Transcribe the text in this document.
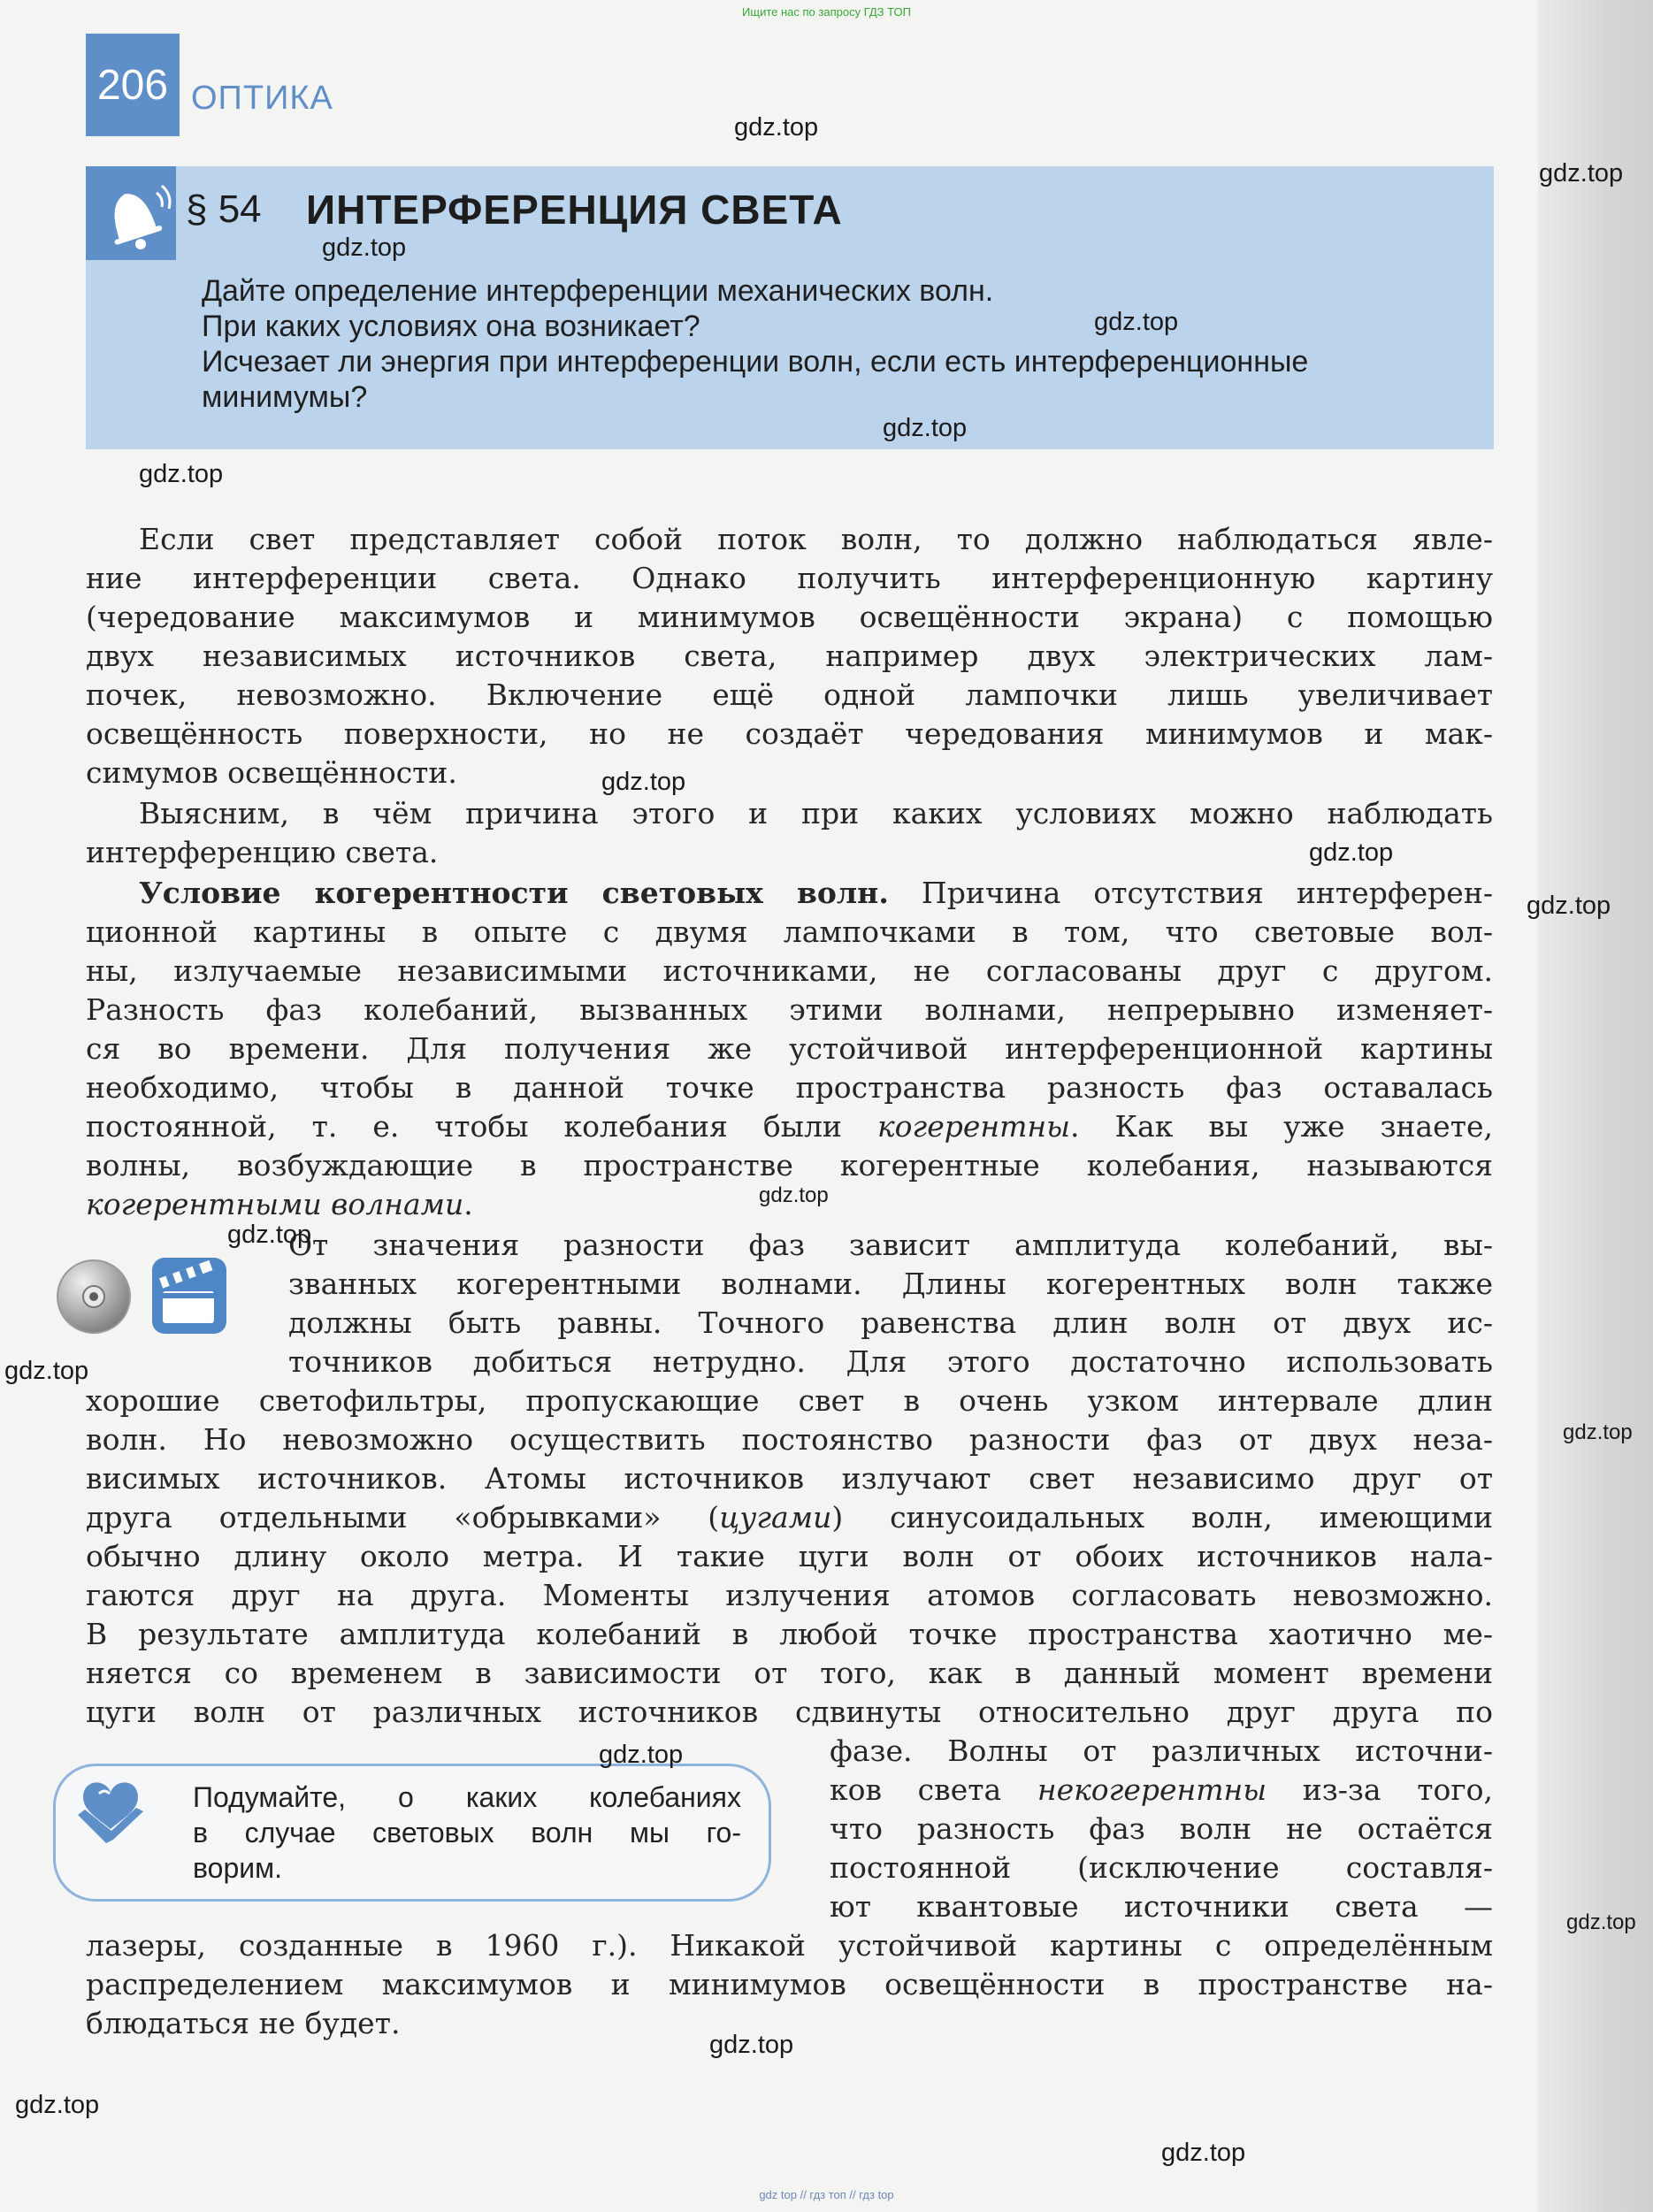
Ищите нас по запросу ГДЗ ТОП
206 ОПТИКА
§ 54 ИНТЕРФЕРЕНЦИЯ СВЕТА
Дайте определение интерференции механических волн.
При каких условиях она возникает?
Исчезает ли энергия при интерференции волн, если есть интерференционные
минимумы?
Если свет представляет собой поток волн, то должно наблюдаться явле-
ние интерференции света. Однако получить интерференционную картину
(чередование максимумов и минимумов освещённости экрана) с помощью
двух независимых источников света, например двух электрических лам-
почек, невозможно. Включение ещё одной лампочки лишь увеличивает
освещённость поверхности, но не создаёт чередования минимумов и мак-
симумов освещённости.
Выясним, в чём причина этого и при каких условиях можно наблюдать
интерференцию света.
Условие когерентности световых волн. Причина отсутствия интерферен-
ционной картины в опыте с двумя лампочками в том, что световые вол-
ны, излучаемые независимыми источниками, не согласованы друг с другом.
Разность фаз колебаний, вызванных этими волнами, непрерывно изменяет-
ся во времени. Для получения же устойчивой интерференционной картины
необходимо, чтобы в данной точке пространства разность фаз оставалась
постоянной, т. е. чтобы колебания были когерентны. Как вы уже знаете,
волны, возбуждающие в пространстве когерентные колебания, называются
когерентными волнами.
От значения разности фаз зависит амплитуда колебаний, вы-
званных когерентными волнами. Длины когерентных волн также
должны быть равны. Точного равенства длин волн от двух ис-
точников добиться нетрудно. Для этого достаточно использовать
хорошие светофильтры, пропускающие свет в очень узком интервале длин
волн. Но невозможно осуществить постоянство разности фаз от двух неза-
висимых источников. Атомы источников излучают свет независимо друг от
друга отдельными «обрывками» (цугами) синусоидальных волн, имеющими
обычно длину около метра. И такие цуги волн от обоих источников нала-
гаются друг на друга. Моменты излучения атомов согласовать невозможно.
В результате амплитуда колебаний в любой точке пространства хаотично ме-
няется со временем в зависимости от того, как в данный момент времени
цуги волн от различных источников сдвинуты относительно друг друга по
Подумайте, о каких колебаниях
в случае световых волн мы го-
ворим.
фазе. Волны от различных источни-
ков света некогерентны из-за того,
что разность фаз волн не остаётся
постоянной (исключение составля-
ют квантовые источники света —
лазеры, созданные в 1960 г.). Никакой устойчивой картины с определённым
распределением максимумов и минимумов освещённости в пространстве на-
блюдаться не будет.
gdz.top
gdz.top
gdz.top
gdz.top
gdz.top
gdz.top
gdz.top
gdz.top
gdz.top
gdz.top
gdz.top
gdz.top
gdz.top
gdz.top
gdz.top
gdz.top
gdz.top
gdz.top
gdz top // гдз топ // гдз top
